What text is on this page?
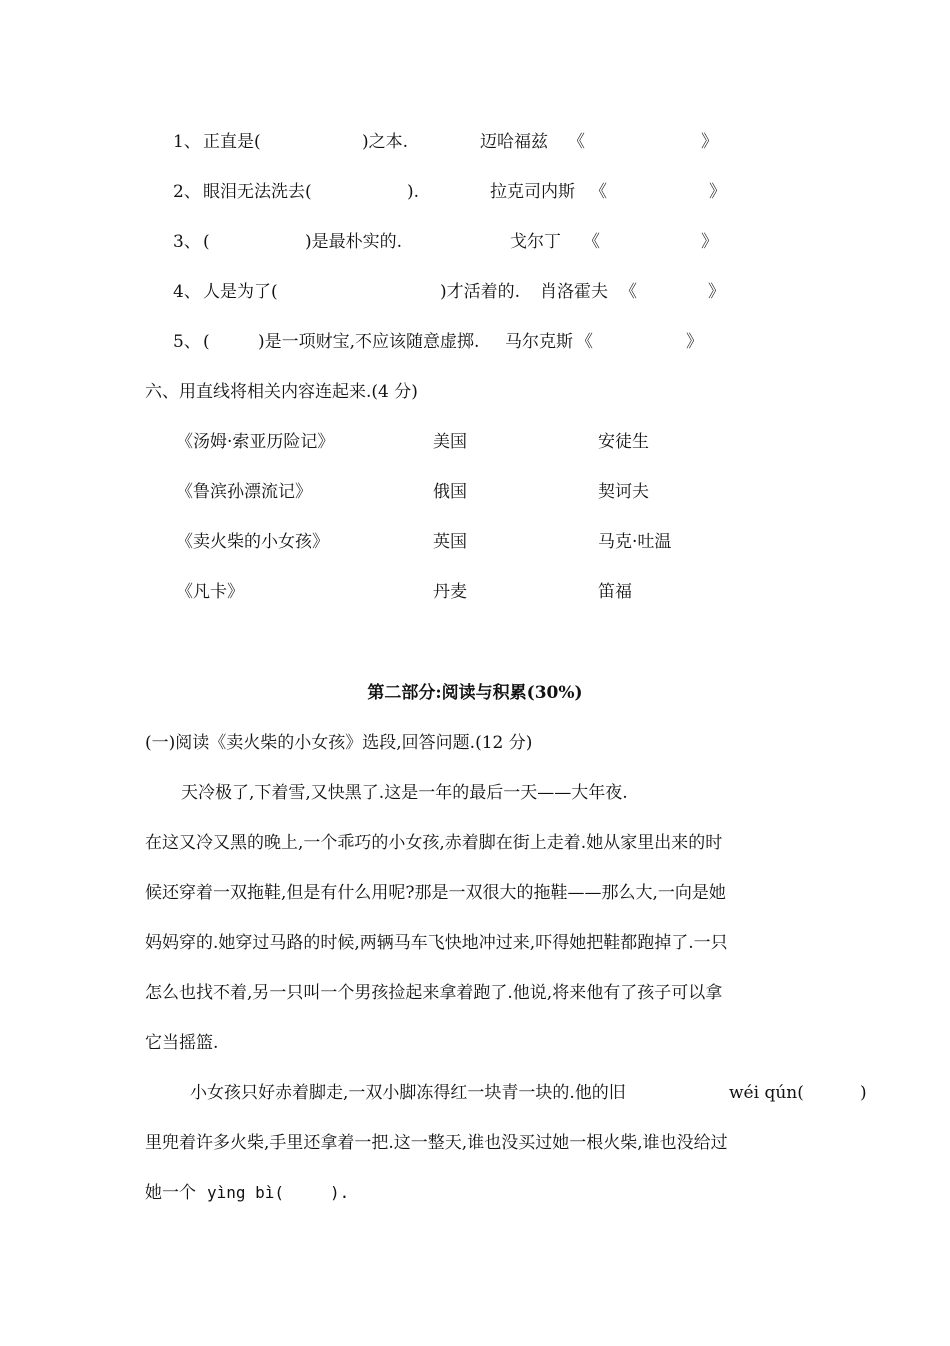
1、 正直是(	)之本.	迈哈福兹 《	》
2、 眼泪无法洗去(	).	拉克司内斯 《	》
3、 (	)是最朴实的.	戈尔丁 《	》
4、 人是为了(	)才活着的. 肖洛霍夫 《	》
5、 (	)是一项财宝,不应该随意虚掷. 马尔克斯 《	》
六、用直线将相关内容连起来.(4 分)
《汤姆·索亚历险记》	美国	安徒生
《鲁滨孙漂流记》	俄国	契诃夫
《卖火柴的小女孩》	英国	马克·吐温
《凡卡》	丹麦	笛福
第二部分:阅读与积累(30%)
(一)阅读《卖火柴的小女孩》选段,回答问题.(12 分)
天冷极了,下着雪,又快黑了.这是一年的最后一天——大年夜.
在这又冷又黑的晚上,一个乖巧的小女孩,赤着脚在街上走着.她从家里出来的时
候还穿着一双拖鞋,但是有什么用呢?那是一双很大的拖鞋——那么大,一向是她
妈妈穿的.她穿过马路的时候,两辆马车飞快地冲过来,吓得她把鞋都跑掉了.一只
怎么也找不着,另一只叫一个男孩捡起来拿着跑了.他说,将来他有了孩子可以拿
它当摇篮.
小女孩只好赤着脚走,一双小脚冻得红一块青一块的.他的旧	wéi qún(	)
里兜着许多火柴,手里还拿着一把.这一整天,谁也没买过她一根火柴,谁也没给过
她一个 yìng bì(	).
